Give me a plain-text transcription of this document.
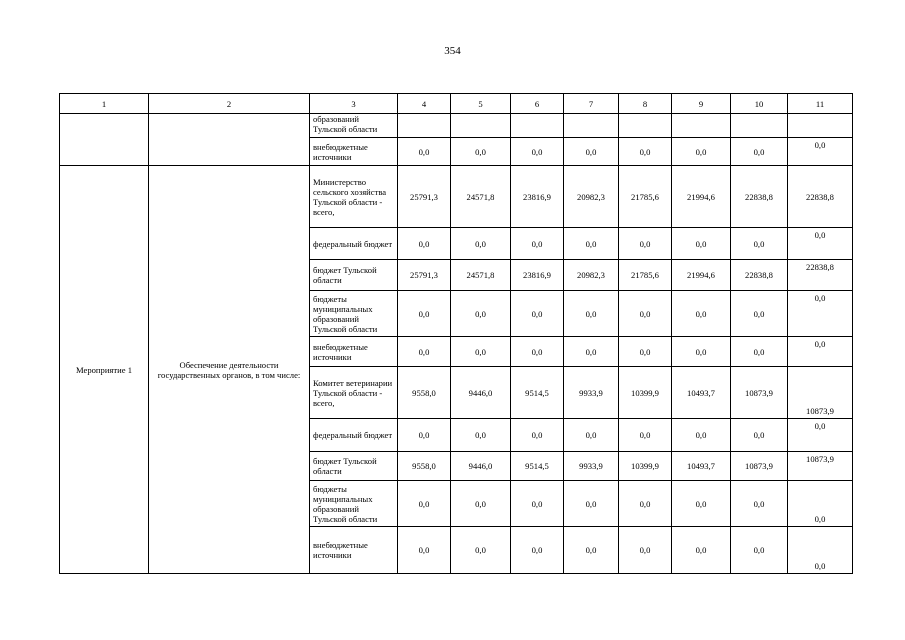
354
1	2	3	4	5	6	7	8	9	10	11
		образований Тульской области								
		внебюджетные источники	0,0	0,0	0,0	0,0	0,0	0,0	0,0	0,0
Мероприятие 1	Обеспечение деятельности государственных органов, в том числе:	Министерство сельского хозяйства Тульской области - всего,	25791,3	24571,8	23816,9	20982,3	21785,6	21994,6	22838,8	22838,8
		федеральный бюджет	0,0	0,0	0,0	0,0	0,0	0,0	0,0	0,0
		бюджет Тульской области	25791,3	24571,8	23816,9	20982,3	21785,6	21994,6	22838,8	22838,8
		бюджеты муниципальных образований Тульской области	0,0	0,0	0,0	0,0	0,0	0,0	0,0	0,0
		внебюджетные источники	0,0	0,0	0,0	0,0	0,0	0,0	0,0	0,0
		Комитет ветеринарии Тульской области - всего,	9558,0	9446,0	9514,5	9933,9	10399,9	10493,7	10873,9	10873,9
		федеральный бюджет	0,0	0,0	0,0	0,0	0,0	0,0	0,0	0,0
		бюджет Тульской области	9558,0	9446,0	9514,5	9933,9	10399,9	10493,7	10873,9	10873,9
		бюджеты муниципальных образований Тульской области	0,0	0,0	0,0	0,0	0,0	0,0	0,0	0,0
		внебюджетные источники	0,0	0,0	0,0	0,0	0,0	0,0	0,0	0,0
